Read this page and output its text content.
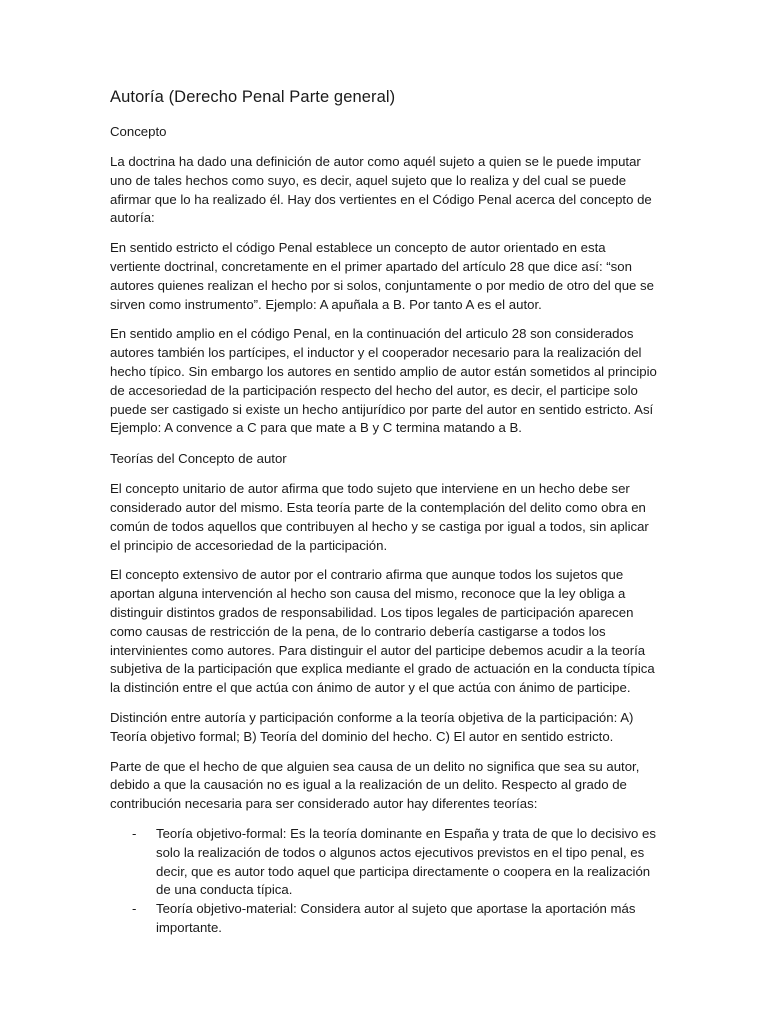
Autoría (Derecho Penal Parte general)

Concepto

La doctrina ha dado una definición de autor como aquél sujeto a quien se le puede imputar uno de tales hechos como suyo, es decir, aquel sujeto que lo realiza y del cual se puede afirmar que lo ha realizado él. Hay dos vertientes en el Código Penal acerca del concepto de autoría:

En sentido estricto el código Penal establece un concepto de autor orientado en esta vertiente doctrinal, concretamente en el primer apartado del artículo 28 que dice así: “son autores quienes realizan el hecho por si solos, conjuntamente o por medio de otro del que se sirven como instrumento”. Ejemplo: A apuñala a B. Por tanto A es el autor.

En sentido amplio en el código Penal, en la continuación del articulo 28 son considerados autores también los partícipes, el inductor y el cooperador necesario para la realización del hecho típico. Sin embargo los autores en sentido amplio de autor están sometidos al principio de accesoriedad de la participación respecto del hecho del autor, es decir, el participe solo puede ser castigado si existe un hecho antijurídico por parte del autor en sentido estricto. Así Ejemplo: A convence a C para que mate a B y C termina matando a B.

Teorías del Concepto de autor

El concepto unitario de autor afirma que todo sujeto que interviene en un hecho debe ser considerado autor del mismo. Esta teoría parte de la contemplación del delito como obra en común de todos aquellos que contribuyen al hecho y se castiga por igual a todos, sin aplicar el principio de accesoriedad de la participación.

El concepto extensivo de autor por el contrario afirma que aunque todos los sujetos que aportan alguna intervención al hecho son causa del mismo, reconoce que la ley obliga a distinguir distintos grados de responsabilidad. Los tipos legales de participación aparecen como causas de restricción de la pena, de lo contrario debería castigarse a todos los intervinientes como autores. Para distinguir el autor del participe debemos acudir a la teoría subjetiva de la participación que explica mediante el grado de actuación en la conducta típica la distinción entre el que actúa con ánimo de autor y el que actúa con ánimo de participe.

Distinción entre autoría y participación conforme a la teoría objetiva de la participación: A) Teoría objetivo formal; B) Teoría del dominio del hecho. C) El autor en sentido estricto.

Parte de que el hecho de que alguien sea causa de un delito no significa que sea su autor, debido a que la causación no es igual a la realización de un delito. Respecto al grado de contribución necesaria para ser considerado autor hay diferentes teorías:

- Teoría objetivo-formal: Es la teoría dominante en España y trata de que lo decisivo es solo la realización de todos o algunos actos ejecutivos previstos en el tipo penal, es decir, que es autor todo aquel que participa directamente o coopera en la realización de una conducta típica.
- Teoría objetivo-material: Considera autor al sujeto que aportase la aportación más importante.
